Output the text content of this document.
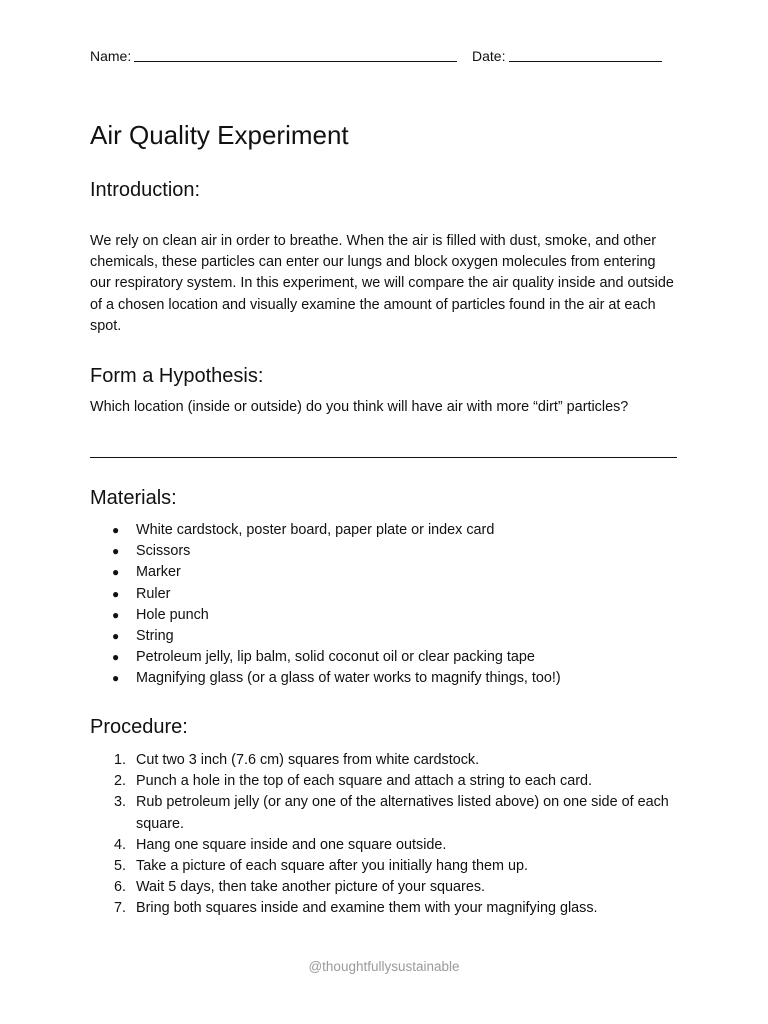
Name:	Date:
Air Quality Experiment
Introduction:

We rely on clean air in order to breathe. When the air is filled with dust, smoke, and other chemicals, these particles can enter our lungs and block oxygen molecules from entering our respiratory system. In this experiment, we will compare the air quality inside and outside of a chosen location and visually examine the amount of particles found in the air at each spot.

Form a Hypothesis:

Which location (inside or outside) do you think will have air with more “dirt” particles?

Materials:
● White cardstock, poster board, paper plate or index card
● Scissors
● Marker
● Ruler
● Hole punch
● String
● Petroleum jelly, lip balm, solid coconut oil or clear packing tape
● Magnifying glass (or a glass of water works to magnify things, too!)
Procedure:
1. Cut two 3 inch (7.6 cm) squares from white cardstock.
2. Punch a hole in the top of each square and attach a string to each card.
3. Rub petroleum jelly (or any one of the alternatives listed above) on one side of each square.
4. Hang one square inside and one square outside.
5. Take a picture of each square after you initially hang them up.
6. Wait 5 days, then take another picture of your squares.
7. Bring both squares inside and examine them with your magnifying glass.
@thoughtfullysustainable
